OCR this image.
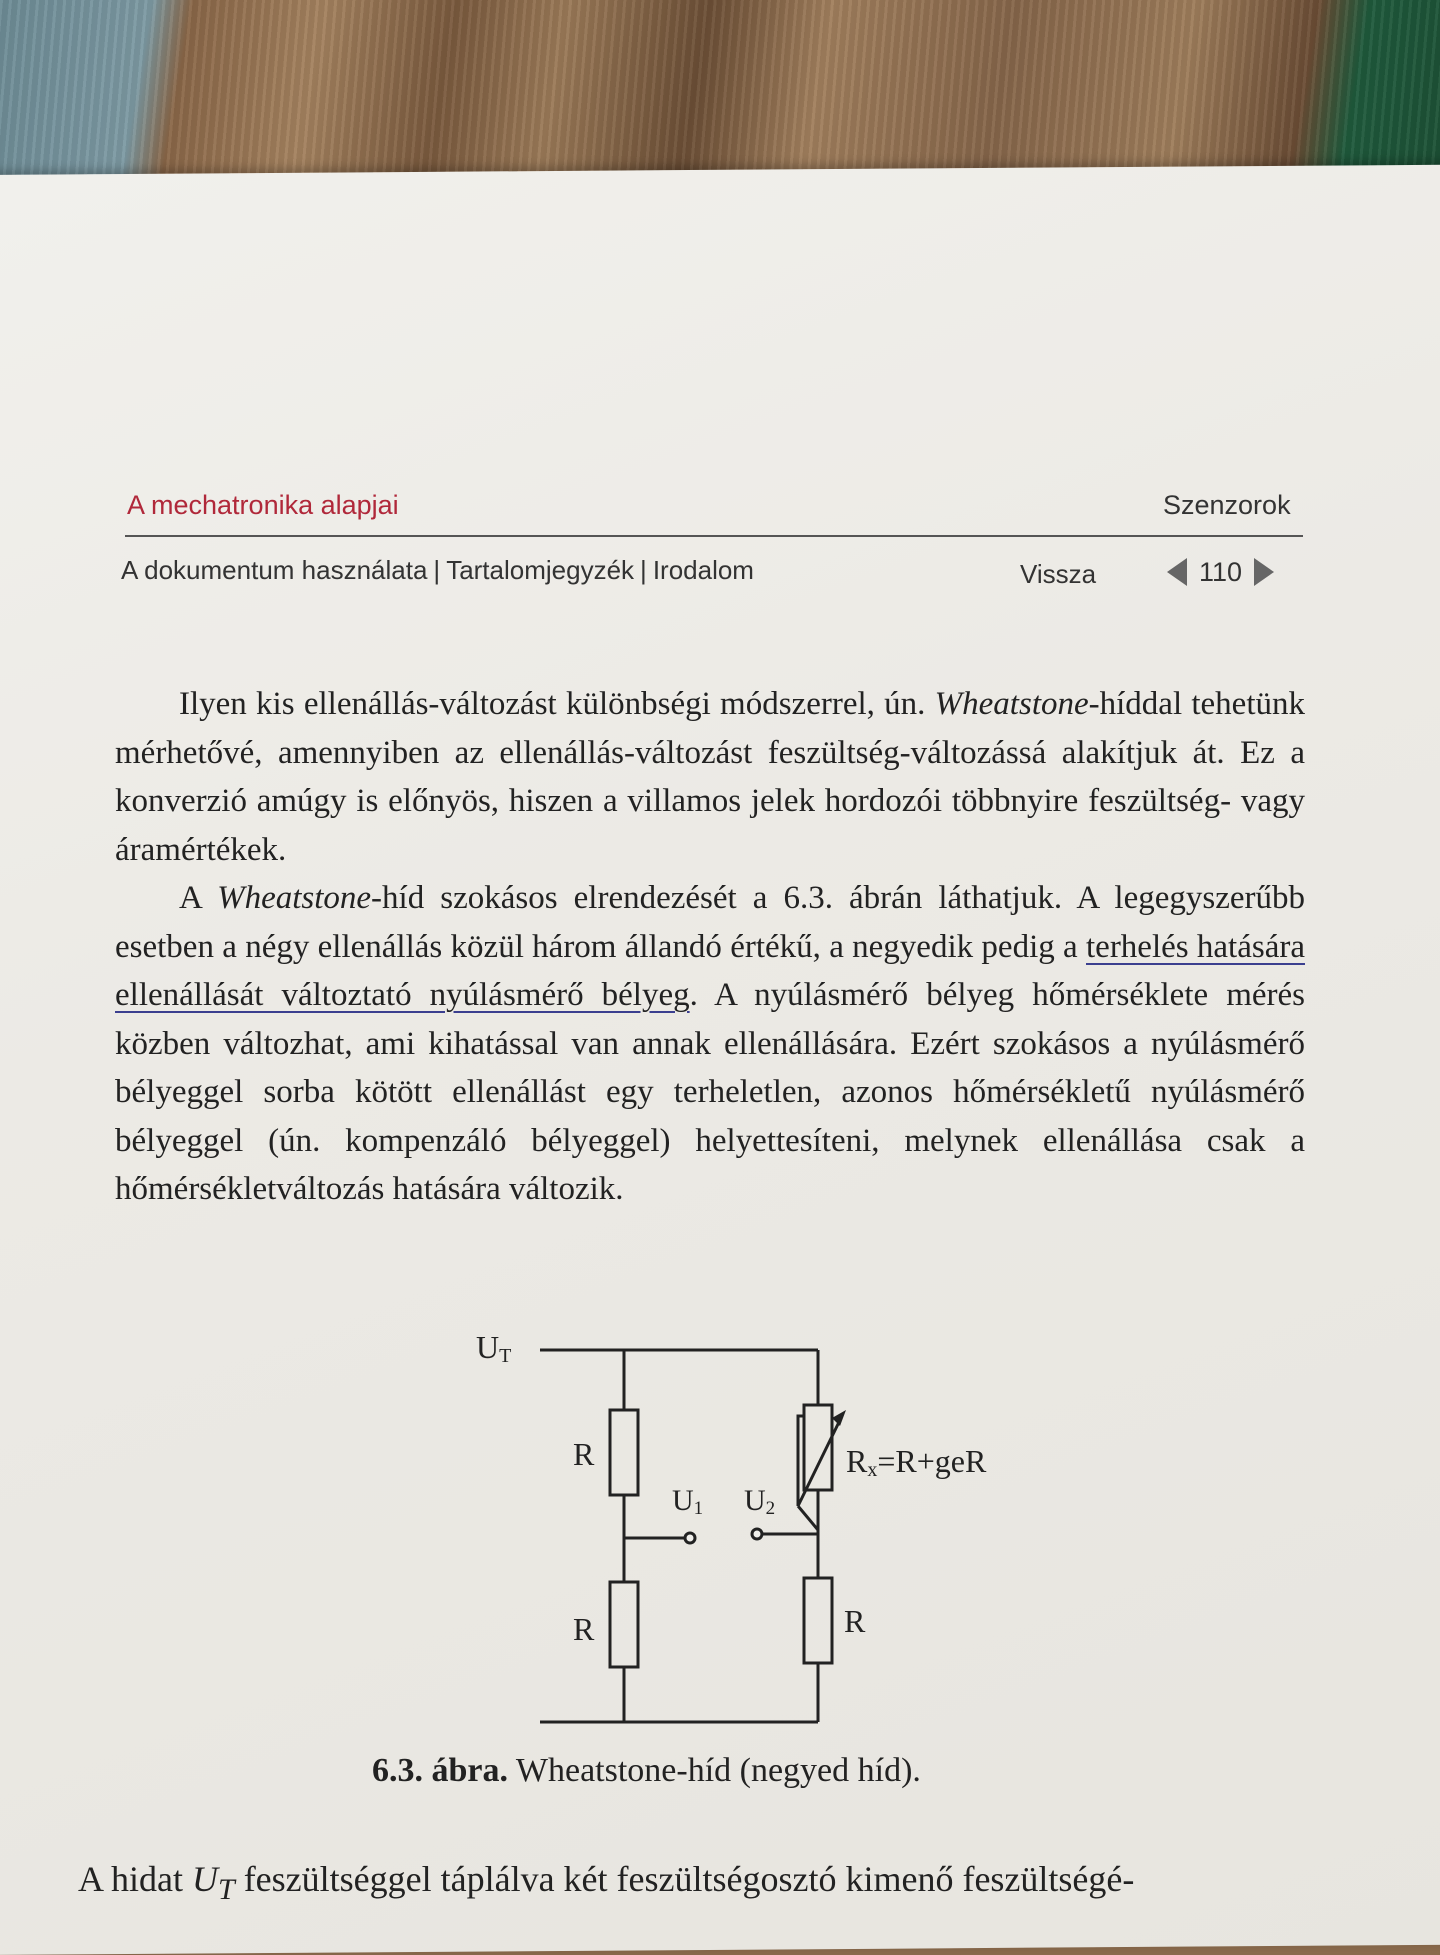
A mechatronika alapjai	Szenzorok
A dokumentum használata | Tartalomjegyzék | Irodalom	Vissza	110

Ilyen kis ellenállás-változást különbségi módszerrel, ún. Wheatstone-híddal tehetünk mérhetővé, amennyiben az ellenállás-változást feszültség-változássá alakítjuk át. Ez a konverzió amúgy is előnyös, hiszen a villamos jelek hordozói többnyire feszültség- vagy áramértékek.

A Wheatstone-híd szokásos elrendezését a 6.3. ábrán láthatjuk. A legegyszerűbb esetben a négy ellenállás közül három állandó értékű, a negyedik pedig a terhelés hatására ellenállását változtató nyúlásmérő bélyeg. A nyúlásmérő bélyeg hőmérséklete mérés közben változhat, ami kihatással van annak ellenállására. Ezért szokásos a nyúlásmérő bélyeggel sorba kötött ellenállást egy terheletlen, azonos hőmérsékletű nyúlásmérő bélyeggel (ún. kompenzáló bélyeggel) helyettesíteni, melynek ellenállása csak a hőmérsékletváltozás hatására változik.

UT
R
R	R
Rx=R+geR
U1 U2
6.3. ábra. Wheatstone-híd (negyed híd).
A hidat $U_T$ feszültséggel táplálva két feszültségosztó kimenő feszültségé-
